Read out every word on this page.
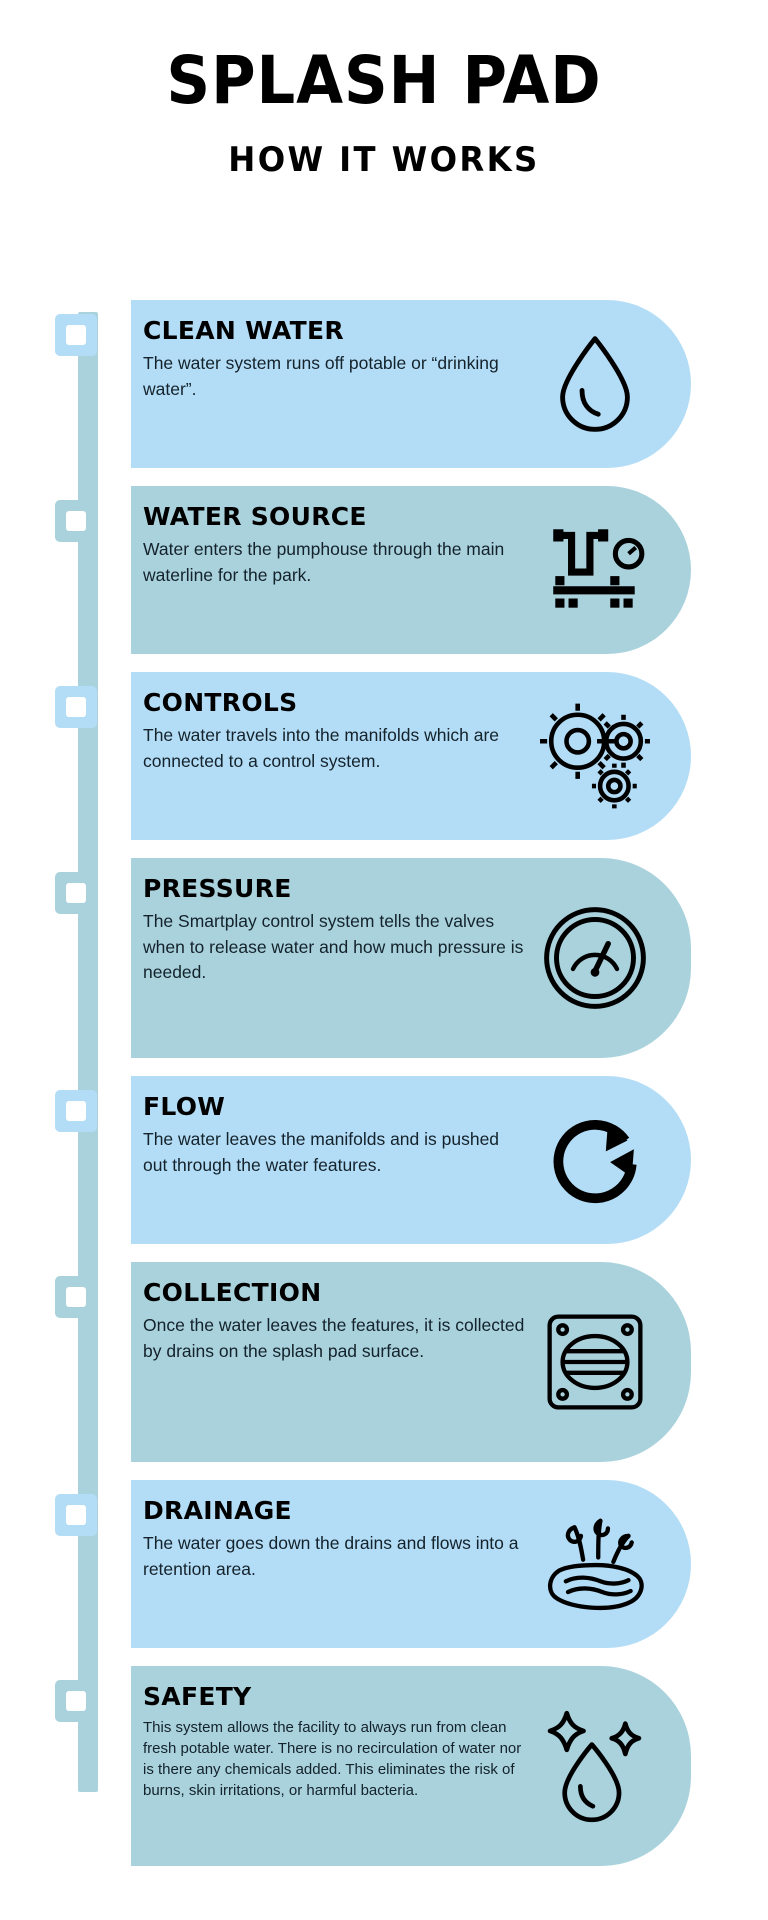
SPLASH PAD
HOW IT WORKS

CLEAN WATER

The water system runs off potable or “drinking water”.

WATER SOURCE

Water enters the pumphouse through the main waterline for the park.

CONTROLS

The water travels into the manifolds which are connected to a control system.

PRESSURE

The Smartplay control system tells the valves when to release water and how much pressure is needed.

FLOW

The water leaves the manifolds and is pushed out through the water features.

COLLECTION

Once the water leaves the features, it is collected by drains on the splash pad surface.

DRAINAGE

The water goes down the drains and flows into a retention area.

SAFETY

This system allows the facility to always run from clean fresh potable water. There is no recirculation of water nor is there any chemicals added. This eliminates the risk of burns, skin irritations, or harmful bacteria.
